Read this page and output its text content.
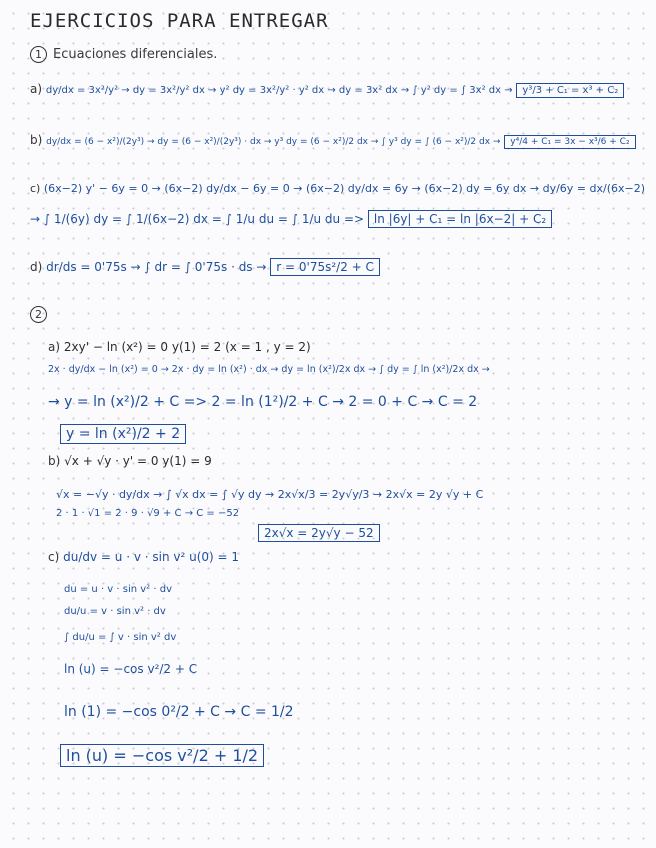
EJERCICIOS PARA ENTREGAR
1 Ecuaciones diferenciales.
a) dy/dx = 3x²/y² → dy = 3x²/y² dx → y² dy = 3x²/y² · y² dx → dy = 3x² dx → ∫ y² dy = ∫ 3x² dx → y³/3 + C₁ = x³ + C₂
b) dy/dx = (6 − x²)/(2y³) → dy = (6 − x²)/(2y³) · dx → y³ dy = (6 − x²)/2 dx → ∫ y³ dy = ∫ (6 − x²)/2 dx → y⁴/4 + C₁ = 3x − x³/6 + C₂
c) (6x−2) y' − 6y = 0 → (6x−2) dy/dx − 6y = 0 → (6x−2) dy/dx = 6y → (6x−2) dy = 6y dx → dy/6y = dx/(6x−2)
→ ∫ 1/(6y) dy = ∫ 1/(6x−2) dx = ∫ 1/u du = ∫ 1/u du => ln |6y| + C₁ = ln |6x−2| + C₂
d) dr/ds = 0'75s → ∫ dr = ∫ 0'75s · ds → r = 0'75s²/2 + C
2
a) 2xy' − ln (x²) = 0 y(1) = 2 (x = 1 , y = 2)
2x · dy/dx − ln (x²) = 0 → 2x · dy = ln (x²) · dx → dy = ln (x²)/2x dx → ∫ dy = ∫ ln (x²)/2x dx →
→ y = ln (x²)/2 + C => 2 = ln (1²)/2 + C → 2 = 0 + C → C = 2
y = ln (x²)/2 + 2
b) √x + √y · y' = 0 y(1) = 9
√x = −√y · dy/dx → ∫ √x dx = ∫ √y dy → 2x√x/3 = 2y√y/3 → 2x√x = 2y √y + C
2 · 1 · √1 = 2 · 9 · √9 + C → C = −52
2x√x = 2y√y − 52
c) du/dv = u · v · sin v² u(0) = 1
du = u · v · sin v² · dv
du/u = v · sin v² · dv
∫ du/u = ∫ v · sin v² dv
ln (u) = −cos v²/2 + C
ln (1) = −cos 0²/2 + C → C = 1/2
ln (u) = −cos v²/2 + 1/2
